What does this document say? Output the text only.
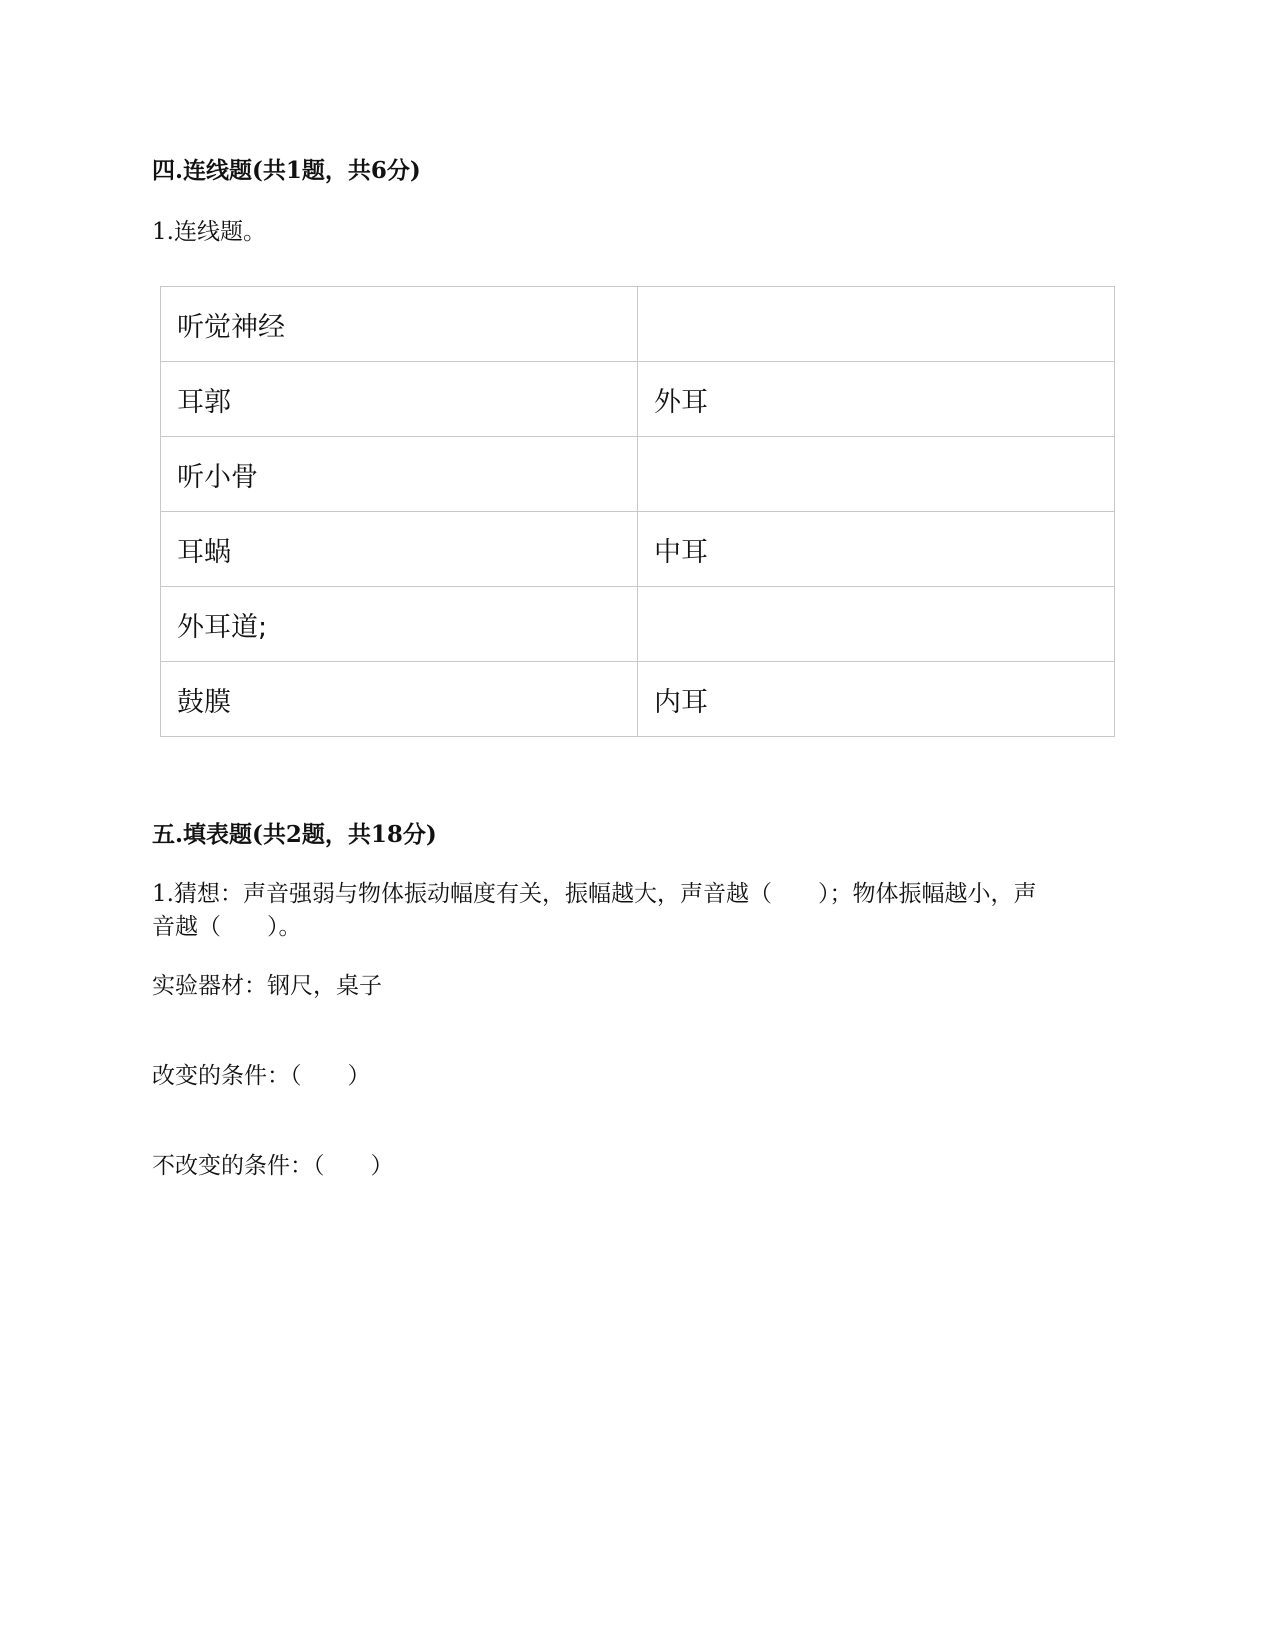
四.连线题(共1题，共6分)
1.连线题。
听觉神经	
耳郭	外耳
听小骨	
耳蜗	中耳
外耳道;	
鼓膜	内耳
五.填表题(共2题，共18分)
1.猜想：声音强弱与物体振动幅度有关，振幅越大，声音越（　　）；物体振幅越小，声
音越（　　）。
实验器材：钢尺，桌子
改变的条件：（　　）
不改变的条件：（　　）
